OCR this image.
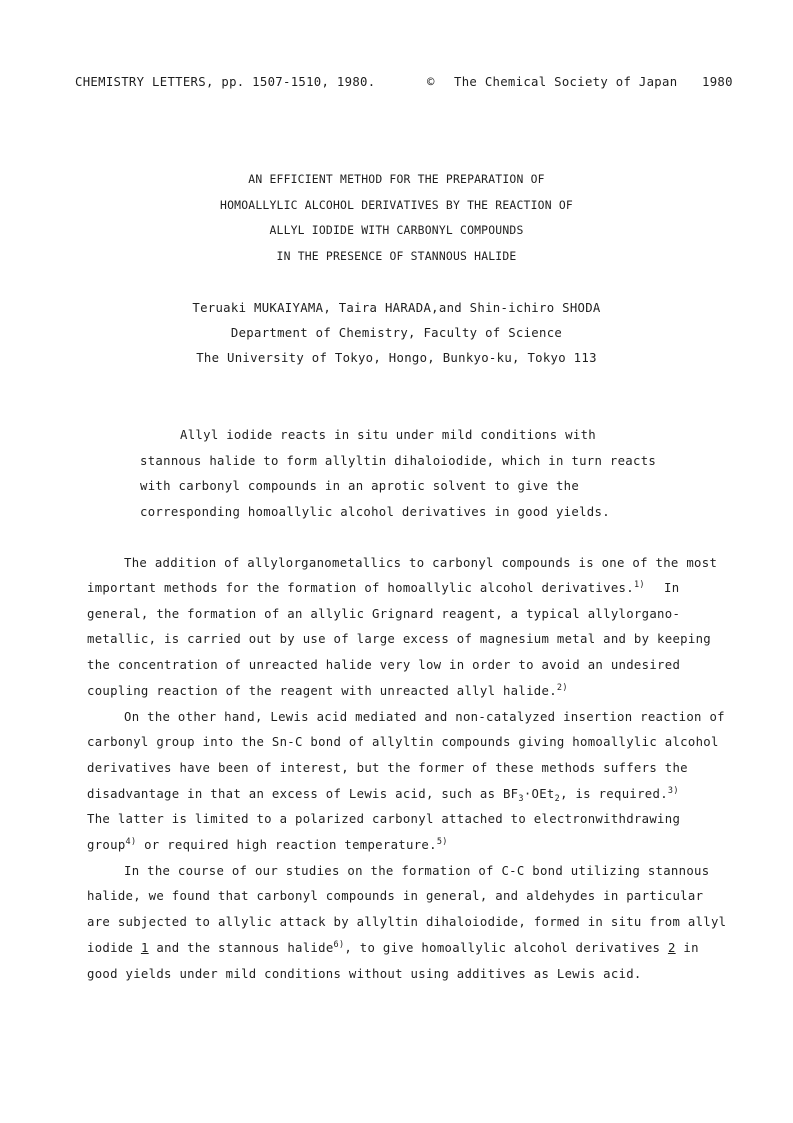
CHEMISTRY LETTERS, pp. 1507-1510, 1980.	© The Chemical Society of Japan 1980
AN EFFICIENT METHOD FOR THE PREPARATION OF
HOMOALLYLIC ALCOHOL DERIVATIVES BY THE REACTION OF
ALLYL IODIDE WITH CARBONYL COMPOUNDS
IN THE PRESENCE OF STANNOUS HALIDE
Teruaki MUKAIYAMA, Taira HARADA,and Shin-ichiro SHODA
Department of Chemistry, Faculty of Science
The University of Tokyo, Hongo, Bunkyo-ku, Tokyo 113
Allyl iodide reacts in situ under mild conditions with
stannous halide to form allyltin dihaloiodide, which in turn reacts
with carbonyl compounds in an aprotic solvent to give the
corresponding homoallylic alcohol derivatives in good yields.
The addition of allylorganometallics to carbonyl compounds is one of the most
important methods for the formation of homoallylic alcohol derivatives.$^{1)}$ In
general, the formation of an allylic Grignard reagent, a typical allylorgano-
metallic, is carried out by use of large excess of magnesium metal and by keeping
the concentration of unreacted halide very low in order to avoid an undesired
coupling reaction of the reagent with unreacted allyl halide.$^{2)}$
On the other hand, Lewis acid mediated and non-catalyzed insertion reaction of
carbonyl group into the Sn-C bond of allyltin compounds giving homoallylic alcohol
derivatives have been of interest, but the former of these methods suffers the
disadvantage in that an excess of Lewis acid, such as $BF_3\cdot OEt_2$, is required.$^{3)}$
The latter is limited to a polarized carbonyl attached to electronwithdrawing
group$^{4)}$ or required high reaction temperature.$^{5)}$
In the course of our studies on the formation of C-C bond utilizing stannous
halide, we found that carbonyl compounds in general, and aldehydes in particular
are subjected to allylic attack by allyltin dihaloiodide, formed in situ from allyl
iodide 1 and the stannous halide$^{6)}$, to give homoallylic alcohol derivatives 2 in
good yields under mild conditions without using additives as Lewis acid.
